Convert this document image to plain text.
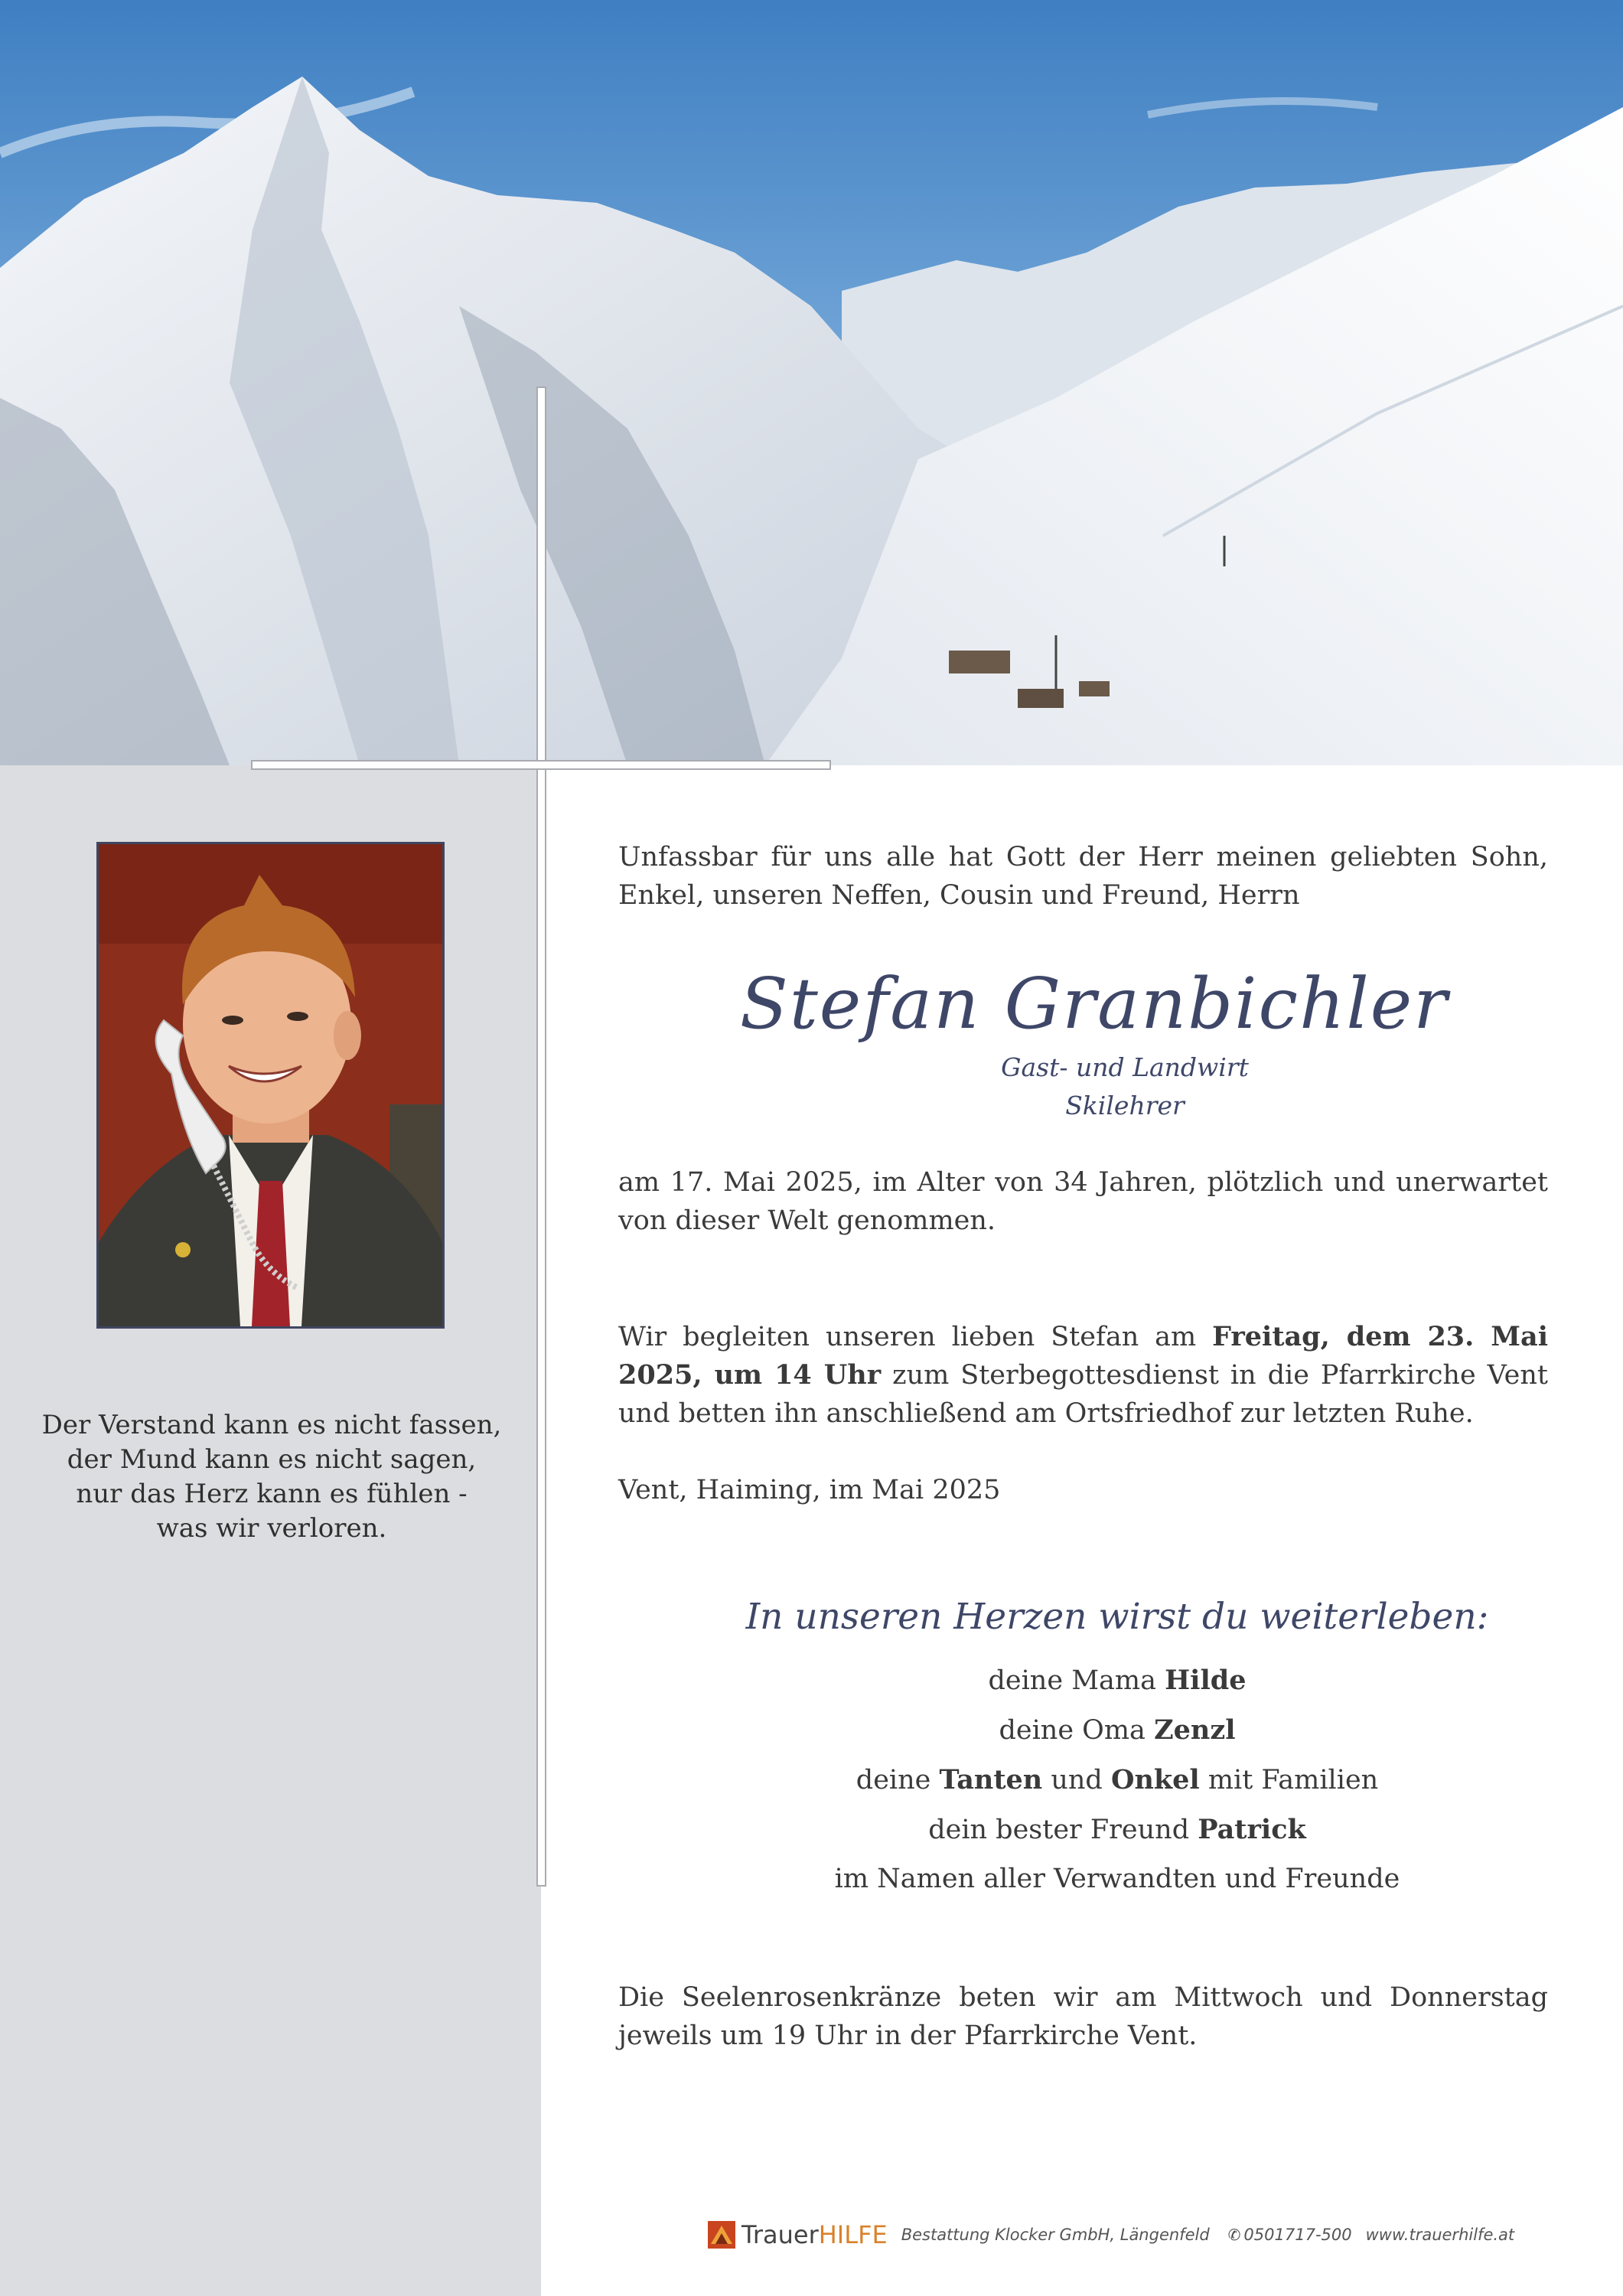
Der Verstand kann es nicht fassen,
der Mund kann es nicht sagen,
nur das Herz kann es fühlen -
was wir verloren.
Unfassbar für uns alle hat Gott der Herr meinen geliebten Sohn, Enkel, unseren Neffen, Cousin und Freund, Herrn
Stefan Granbichler
Gast- und Landwirt
Skilehrer
am 17. Mai 2025, im Alter von 34 Jahren, plötzlich und unerwartet von dieser Welt genommen.
Wir begleiten unseren lieben Stefan am Freitag, dem 23. Mai 2025, um 14 Uhr zum Sterbegottesdienst in die Pfarrkirche Vent und betten ihn anschließend am Ortsfriedhof zur letzten Ruhe.
Vent, Haiming, im Mai 2025
In unseren Herzen wirst du weiterleben:
deine Mama Hilde
deine Oma Zenzl
deine Tanten und Onkel mit Familien
dein bester Freund Patrick
im Namen aller Verwandten und Freunde
Die Seelenrosenkränze beten wir am Mittwoch und Donnerstag jeweils um 19 Uhr in der Pfarrkirche Vent.
TrauerHILFE Bestattung Klocker GmbH, Längenfeld ✆ 0501717-500 www.trauerhilfe.at
